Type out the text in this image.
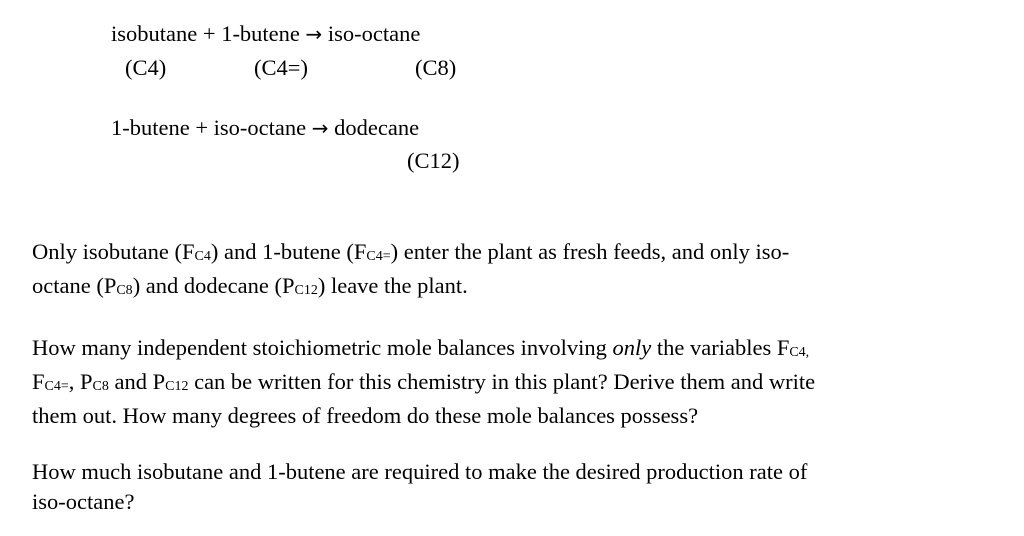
isobutane + 1-butene → iso-octane
(C4)	(C4=)	(C8)
1-butene + iso-octane → dodecane
(C12)

Only isobutane (FC4) and 1-butene (FC4=) enter the plant as fresh feeds, and only iso-
octane (PC8) and dodecane (PC12) leave the plant.

How many independent stoichiometric mole balances involving only the variables FC4,
FC4=, PC8 and PC12 can be written for this chemistry in this plant? Derive them and write
them out. How many degrees of freedom do these mole balances possess?

How much isobutane and 1-butene are required to make the desired production rate of
iso-octane?
